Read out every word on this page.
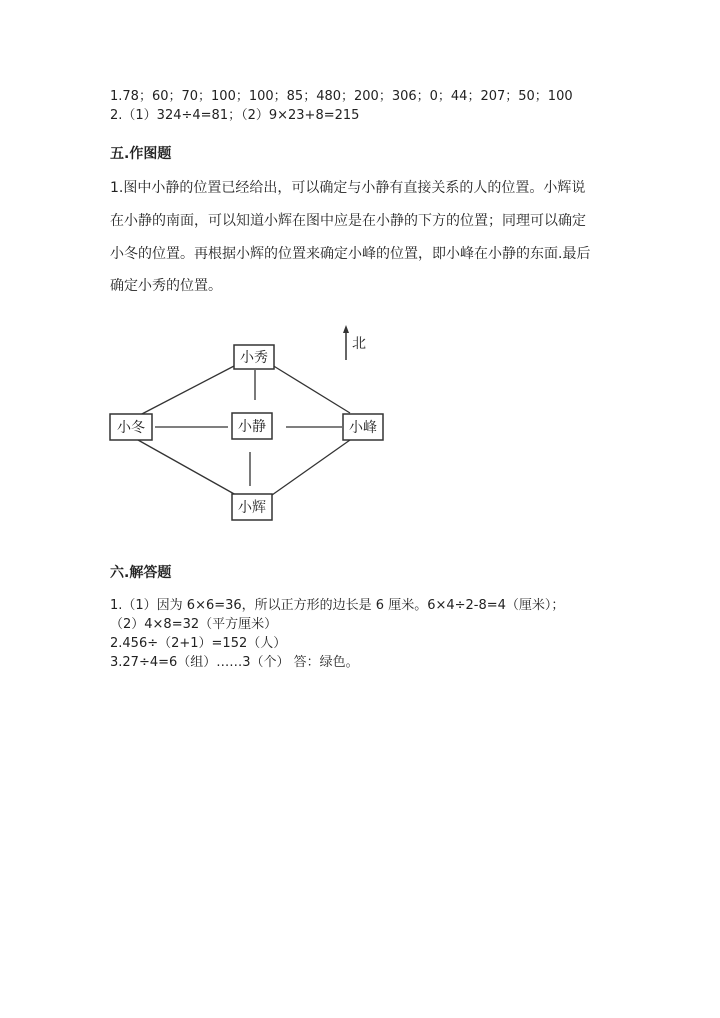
1.78；60；70；100；100；85；480；200；306；0；44；207；50；100
2.（1）324÷4=81；（2）9×23+8=215
五.作图题
1.图中小静的位置已经给出，可以确定与小静有直接关系的人的位置。小辉说
在小静的南面，可以知道小辉在图中应是在小静的下方的位置；同理可以确定
小冬的位置。再根据小辉的位置来确定小峰的位置，即小峰在小静的东面.最后
确定小秀的位置。
小秀
小冬	小静	小峰
小辉
北
六.解答题
1.（1）因为 6×6=36，所以正方形的边长是 6 厘米。6×4÷2-8=4（厘米）；
（2）4×8=32（平方厘米）
2.456÷（2+1）=152（人）
3.27÷4=6（组）……3（个） 答：绿色。
